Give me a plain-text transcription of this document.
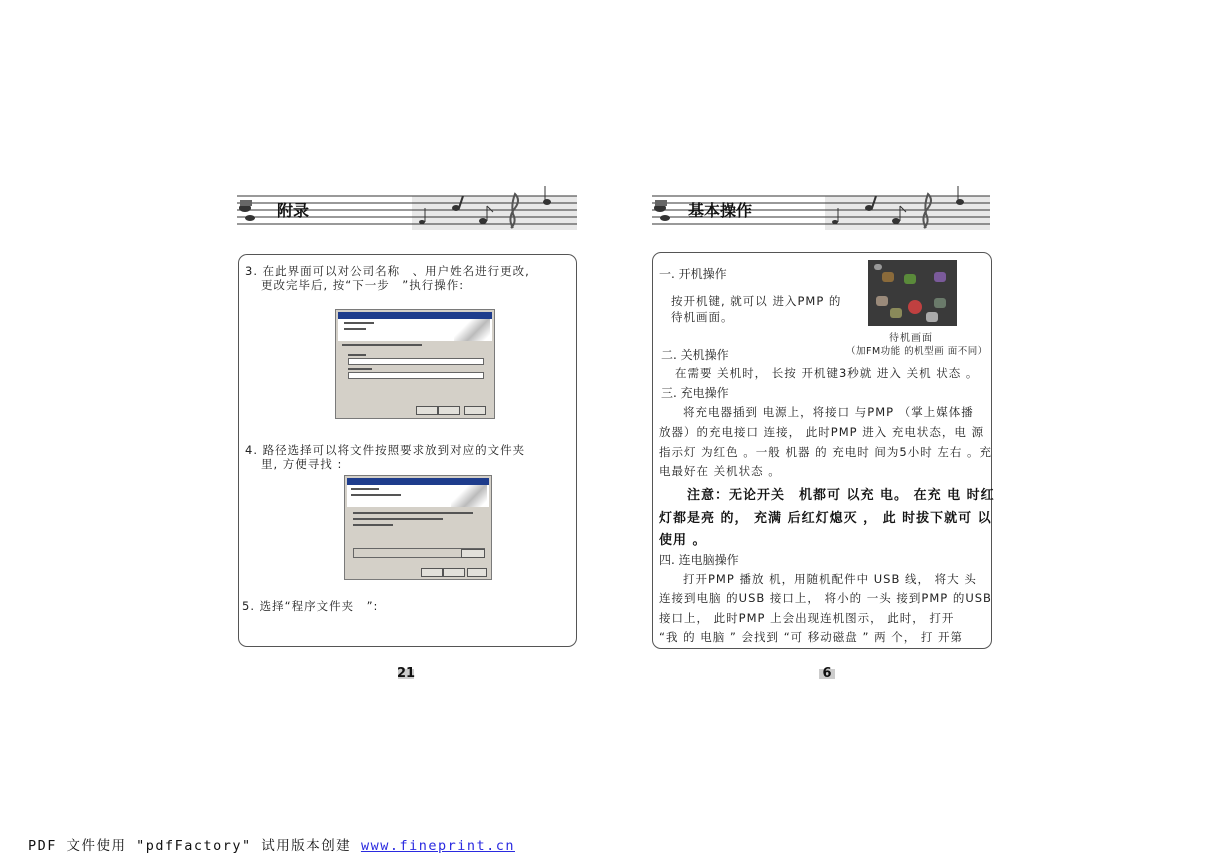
附录
3. 在此界面可以对公司名称　、用户姓名进行更改,
更改完毕后, 按“下一步　”执行操作:
4. 路径选择可以将文件按照要求放到对应的文件夹
里, 方便寻找 :
5. 选择“程序文件夹　”:
21
基本操作
一. 开机操作
按开机键, 就可以 进入PMP 的
待机画面。
待机画面
（加FM功能 的机型画 面不同）
二. 关机操作
在需要 关机时， 长按 开机键3秒就 进入 关机 状态 。
三. 充电操作
将充电器插到 电源上，将接口 与PMP （掌上媒体播
放器）的充电接口 连接， 此时PMP 进入 充电状态，电 源
指示灯 为红色 。一般 机器 的 充电时 间为5小时 左右 。充
电最好在 关机状态 。
注意：无论开关　机都可 以充 电。 在充 电 时红
灯都是亮 的， 充满 后红灯熄灭 ， 此 时拔下就可 以
使用 。
四. 连电脑操作
打开PMP 播放 机，用随机配件中 USB 线， 将大 头
连接到电脑 的USB 接口上， 将小的 一头 接到PMP 的USB
接口上， 此时PMP 上会出现连机图示， 此时， 打开
“我 的 电脑 ” 会找到 “可 移动磁盘 ” 两 个， 打 开第
6
PDF 文件使用 "pdfFactory" 试用版本创建 www.fineprint.cn
